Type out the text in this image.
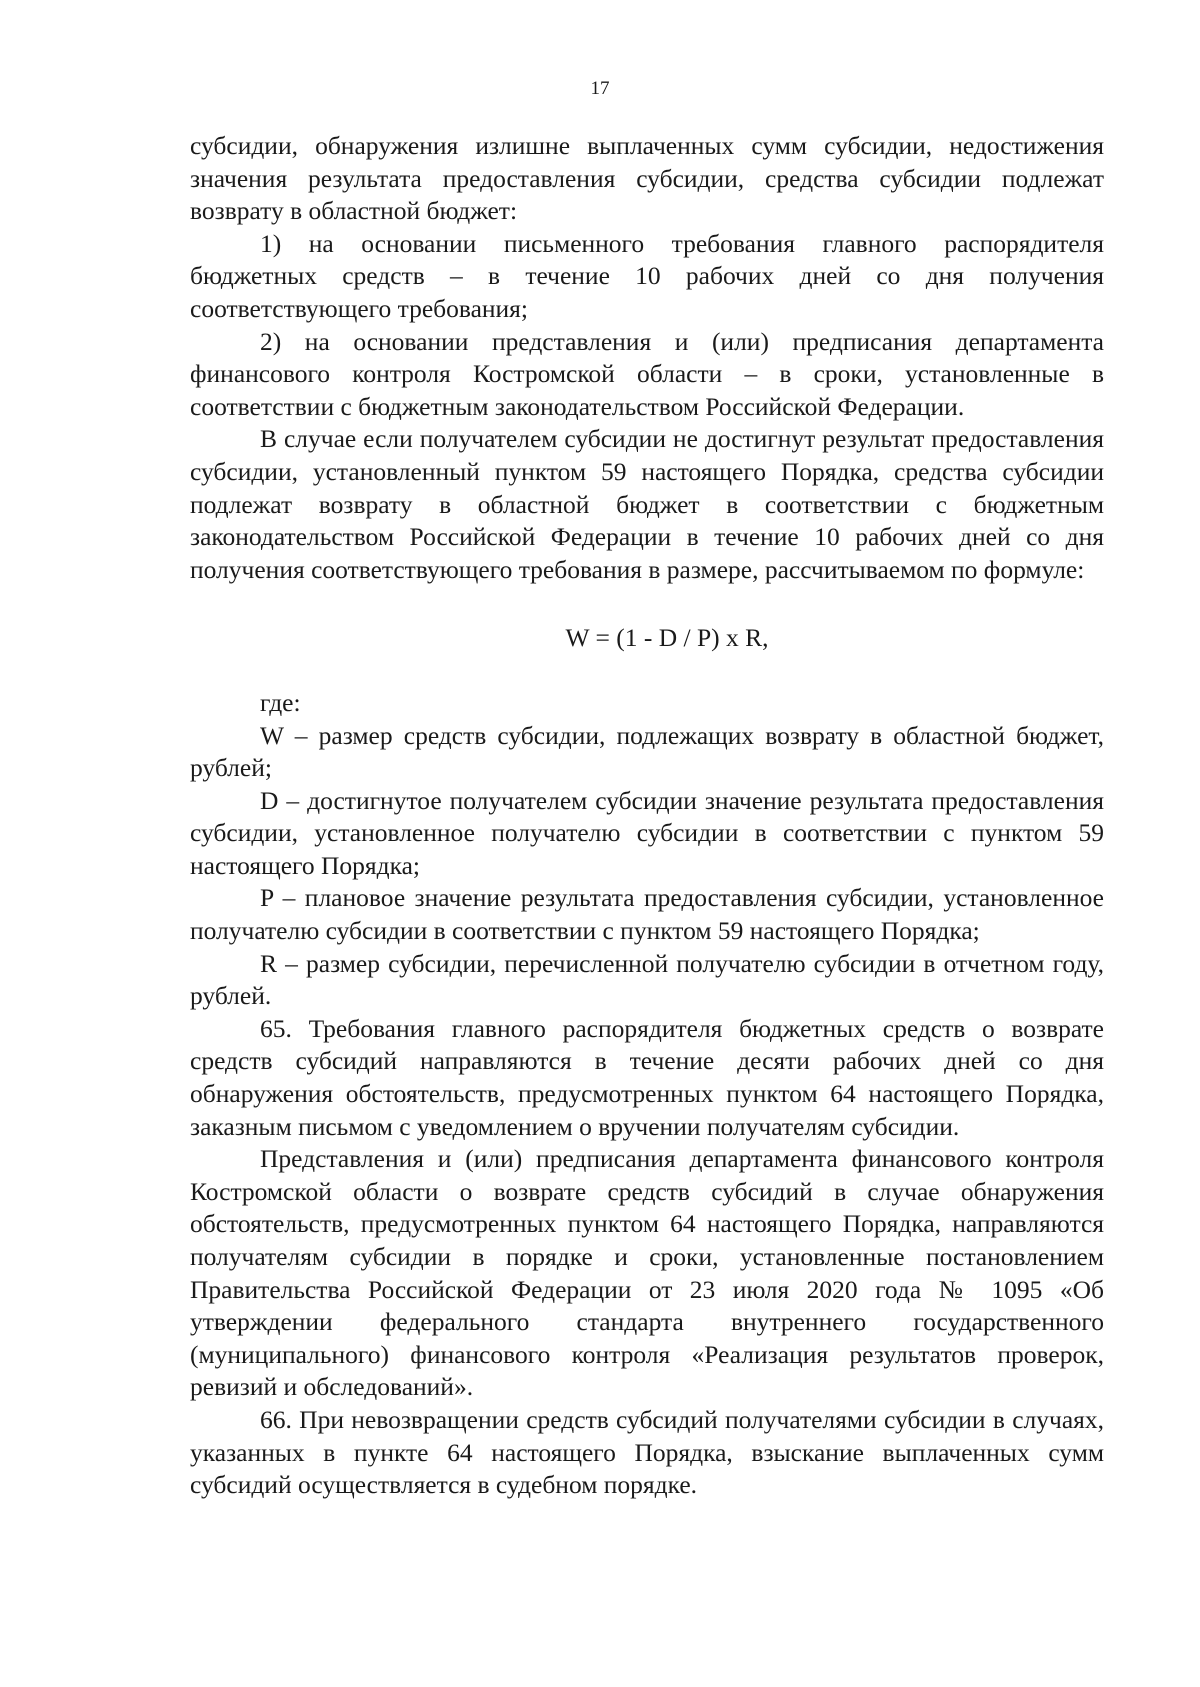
17

субсидии, обнаружения излишне выплаченных сумм субсидии, недостижения значения результата предоставления субсидии, средства субсидии подлежат возврату в областной бюджет:

1) на основании письменного требования главного распорядителя бюджетных средств – в течение 10 рабочих дней со дня получения соответствующего требования;

2) на основании представления и (или) предписания департамента финансового контроля Костромской области – в сроки, установленные в соответствии с бюджетным законодательством Российской Федерации.

В случае если получателем субсидии не достигнут результат предоставления субсидии, установленный пунктом 59 настоящего Порядка, средства субсидии подлежат возврату в областной бюджет в соответствии с бюджетным законодательством Российской Федерации в течение 10 рабочих дней со дня получения соответствующего требования в размере, рассчитываемом по формуле:

W = (1 - D / P) x R,

где:

W – размер средств субсидии, подлежащих возврату в областной бюджет, рублей;

D – достигнутое получателем субсидии значение результата предоставления субсидии, установленное получателю субсидии в соответствии с пунктом 59 настоящего Порядка;

P – плановое значение результата предоставления субсидии, установленное получателю субсидии в соответствии с пунктом 59 настоящего Порядка;

R – размер субсидии, перечисленной получателю субсидии в отчетном году, рублей.

65. Требования главного распорядителя бюджетных средств о возврате средств субсидий направляются в течение десяти рабочих дней со дня обнаружения обстоятельств, предусмотренных пунктом 64 настоящего Порядка, заказным письмом с уведомлением о вручении получателям субсидии.

Представления и (или) предписания департамента финансового контроля Костромской области о возврате средств субсидий в случае обнаружения обстоятельств, предусмотренных пунктом 64 настоящего Порядка, направляются получателям субсидии в порядке и сроки, установленные постановлением Правительства Российской Федерации от 23 июля 2020 года № 1095 «Об утверждении федерального стандарта внутреннего государственного (муниципального) финансового контроля «Реализация результатов проверок, ревизий и обследований».

66. При невозвращении средств субсидий получателями субсидии в случаях, указанных в пункте 64 настоящего Порядка, взыскание выплаченных сумм субсидий осуществляется в судебном порядке.
